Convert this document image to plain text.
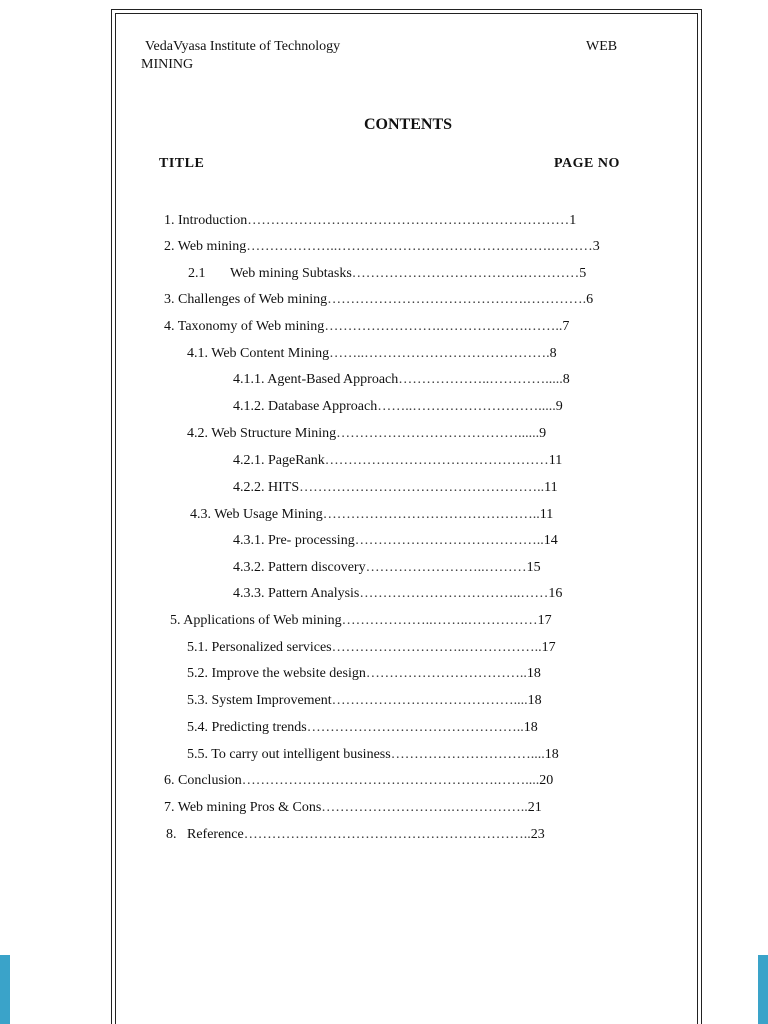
VedaVyasa Institute of Technology	WEB
MINING
CONTENTS
TITLE	PAGE NO
1. Introduction……………………………………………………………1
2. Web mining………………..……………………………………….………3
2.1       Web mining Subtasks……………………………….…………5
3. Challenges of Web mining…………………………………….………….6
4. Taxonomy of Web mining…………………….……………….……..7
4.1. Web Content Mining……..………………………………….8
4.1.1. Agent-Based Approach………………..………….....8
4.1.2. Database Approach……..……………………….....9
4.2. Web Structure Mining…………………………………......9
4.2.1. PageRank…………………………………………11
4.2.2. HITS……………………………………………..11
4.3. Web Usage Mining………………………………………..11
4.3.1. Pre- processing…………………………………..14
4.3.2. Pattern discovery……………………..………15
4.3.3. Pattern Analysis……………………………..……16
5. Applications of Web mining………………..……..……………17
5.1. Personalized services………………………..……………..17
5.2. Improve the website design……………………………..18
5.3. System Improvement…………………………………....18
5.4. Predicting trends………………………………………..18
5.5. To carry out intelligent business…………………………....18
6. Conclusion……………………………………………….……....20
7. Web mining Pros & Cons……………………….……………..21
8.   Reference……………………………………………………..23
